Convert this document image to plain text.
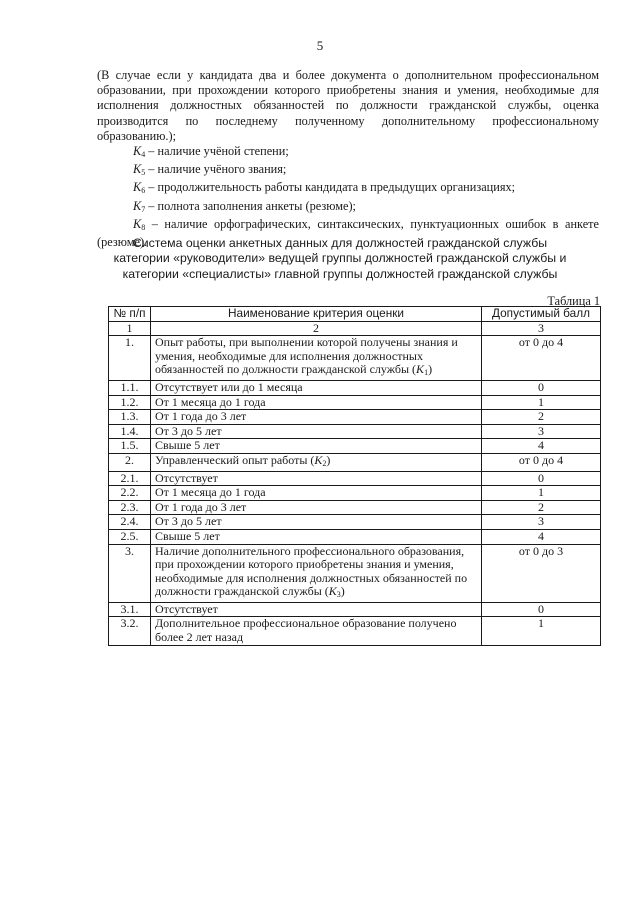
5

(В случае если у кандидата два и более документа о дополнительном профессиональном образовании, при прохождении которого приобретены знания и умения, необходимые для исполнения должностных обязанностей по должности гражданской службы, оценка производится по последнему полученному дополнительному профессиональному образованию.);

$K_4$ – наличие учёной степени;

$K_5$ – наличие учёного звания;

$K_6$ – продолжительность работы кандидата в предыдущих организациях;

$K_7$ – полнота заполнения анкеты (резюме);

$K_8$ – наличие орфографических, синтаксических, пунктуационных ошибок в анкете (резюме).

Система оценки анкетных данных для должностей гражданской службы
категории «руководители» ведущей группы должностей гражданской службы и
категории «специалисты» главной группы должностей гражданской службы
Таблица 1
№ п/п	Наименование критерия оценки	Допустимый балл
1	2	3
1.	Опыт работы, при выполнении которой получены знания и умения, необходимые для исполнения должностных обязанностей по должности гражданской службы $(K_1)$	от 0 до 4
1.1.	Отсутствует или до 1 месяца	0
1.2.	От 1 месяца до 1 года	1
1.3.	От 1 года до 3 лет	2
1.4.	От 3 до 5 лет	3
1.5.	Свыше 5 лет	4
2.	Управленческий опыт работы $(K_2)$	от 0 до 4
2.1.	Отсутствует	0
2.2.	От 1 месяца до 1 года	1
2.3.	От 1 года до 3 лет	2
2.4.	От 3 до 5 лет	3
2.5.	Свыше 5 лет	4
3.	Наличие дополнительного профессионального образования, при прохождении которого приобретены знания и умения, необходимые для исполнения должностных обязанностей по должности гражданской службы $(K_3)$	от 0 до 3
3.1.	Отсутствует	0
3.2.	Дополнительное профессиональное образование получено более 2 лет назад	1
